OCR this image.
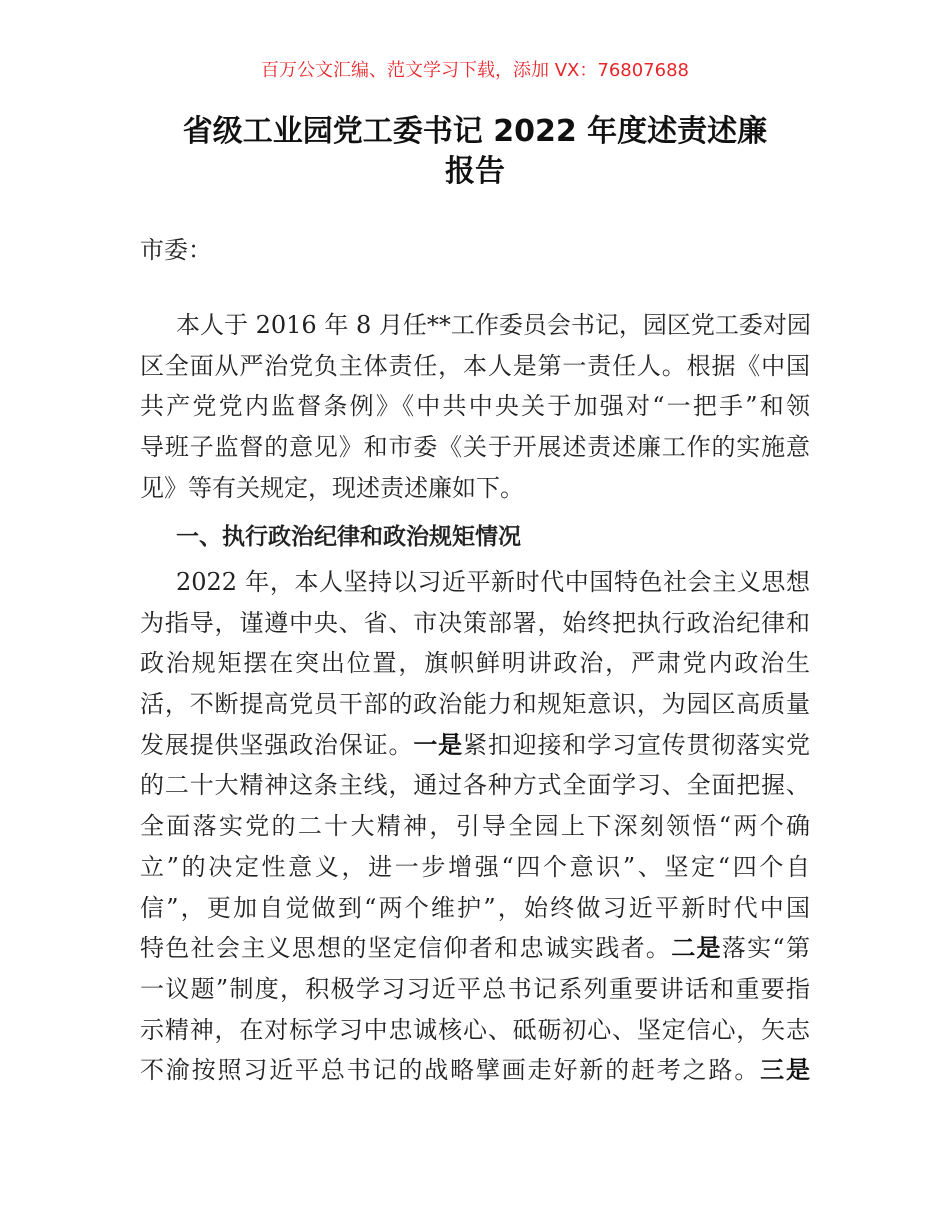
百万公文汇编、范文学习下载，添加 VX：76807688
省级工业园党工委书记 2022 年度述责述廉
报告
市委：
本人于 2016 年 8 月任**工作委员会书记，园区党工委对园
区全面从严治党负主体责任，本人是第一责任人。根据《中国
共产党党内监督条例》《中共中央关于加强对“一把手”和领
导班子监督的意见》和市委《关于开展述责述廉工作的实施意
见》等有关规定，现述责述廉如下。
一、执行政治纪律和政治规矩情况
2022 年，本人坚持以习近平新时代中国特色社会主义思想
为指导，谨遵中央、省、市决策部署，始终把执行政治纪律和
政治规矩摆在突出位置，旗帜鲜明讲政治，严肃党内政治生
活，不断提高党员干部的政治能力和规矩意识，为园区高质量
发展提供坚强政治保证。一是紧扣迎接和学习宣传贯彻落实党
的二十大精神这条主线，通过各种方式全面学习、全面把握、
全面落实党的二十大精神，引导全园上下深刻领悟“两个确
立”的决定性意义，进一步增强“四个意识”、坚定“四个自
信”，更加自觉做到“两个维护”，始终做习近平新时代中国
特色社会主义思想的坚定信仰者和忠诚实践者。二是落实“第
一议题”制度，积极学习习近平总书记系列重要讲话和重要指
示精神，在对标学习中忠诚核心、砥砺初心、坚定信心，矢志
不渝按照习近平总书记的战略擘画走好新的赶考之路。三是
